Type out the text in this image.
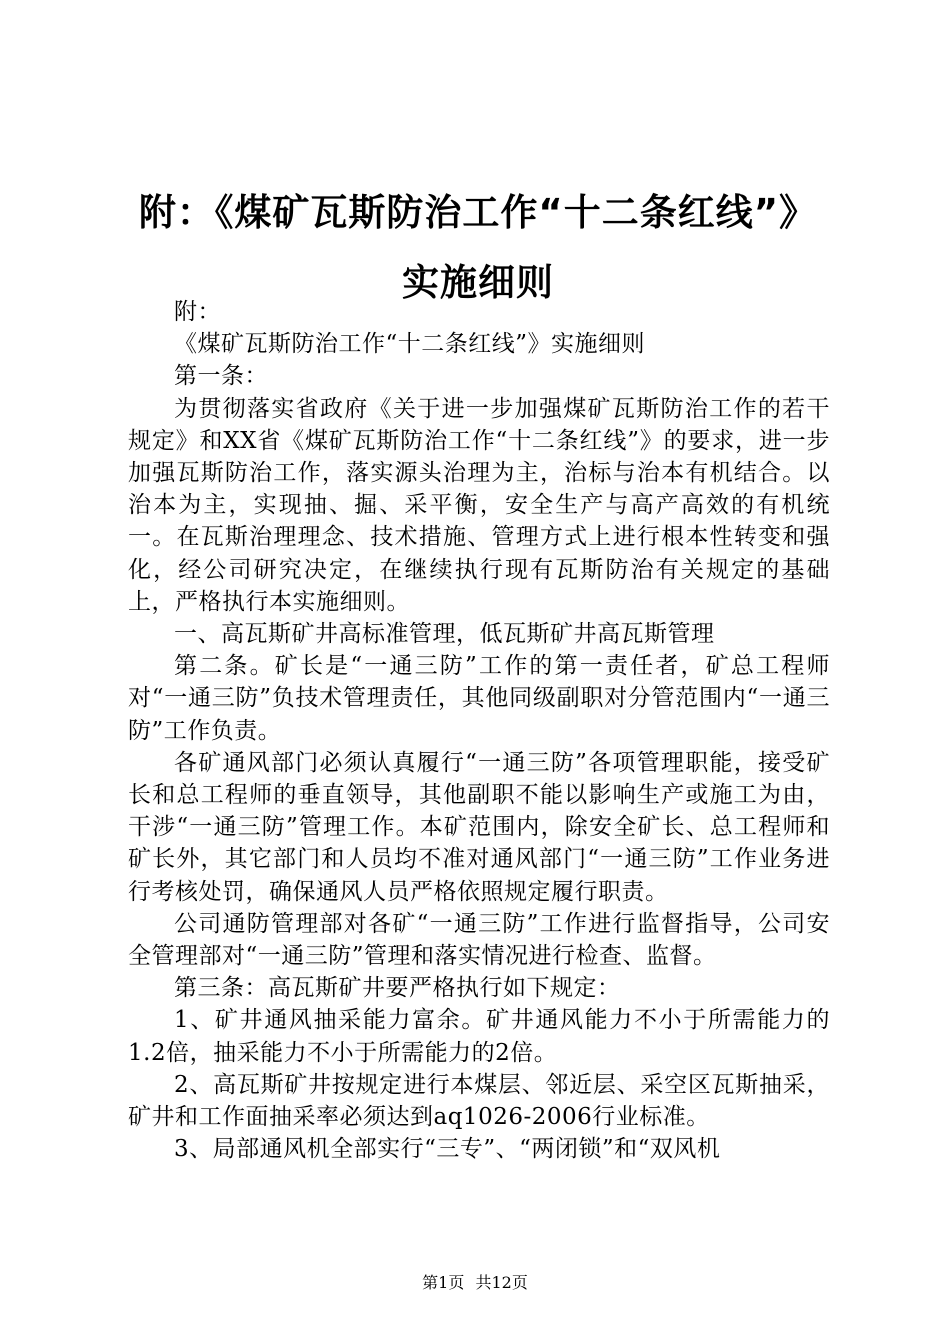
附：《煤矿瓦斯防治工作“十二条红线”》实施细则

附：

《煤矿瓦斯防治工作“十二条红线”》实施细则

第一条：

为贯彻落实省政府《关于进一步加强煤矿瓦斯防治工作的若干规定》和XX省《煤矿瓦斯防治工作“十二条红线”》的要求，进一步加强瓦斯防治工作，落实源头治理为主，治标与治本有机结合。以治本为主，实现抽、掘、采平衡，安全生产与高产高效的有机统一。在瓦斯治理理念、技术措施、管理方式上进行根本性转变和强化，经公司研究决定，在继续执行现有瓦斯防治有关规定的基础上，严格执行本实施细则。

一、高瓦斯矿井高标准管理，低瓦斯矿井高瓦斯管理

第二条。矿长是“一通三防”工作的第一责任者，矿总工程师对“一通三防”负技术管理责任，其他同级副职对分管范围内“一通三防”工作负责。

各矿通风部门必须认真履行“一通三防”各项管理职能，接受矿长和总工程师的垂直领导，其他副职不能以影响生产或施工为由，干涉“一通三防”管理工作。本矿范围内，除安全矿长、总工程师和矿长外，其它部门和人员均不准对通风部门“一通三防”工作业务进行考核处罚，确保通风人员严格依照规定履行职责。

公司通防管理部对各矿“一通三防”工作进行监督指导，公司安全管理部对“一通三防”管理和落实情况进行检查、监督。

第三条：高瓦斯矿井要严格执行如下规定：

1、矿井通风抽采能力富余。矿井通风能力不小于所需能力的1.2倍，抽采能力不小于所需能力的2倍。

2、高瓦斯矿井按规定进行本煤层、邻近层、采空区瓦斯抽采，矿井和工作面抽采率必须达到aq1026-2006行业标准。

3、局部通风机全部实行“三专”、“两闭锁”和“双风机

第1页 共12页
